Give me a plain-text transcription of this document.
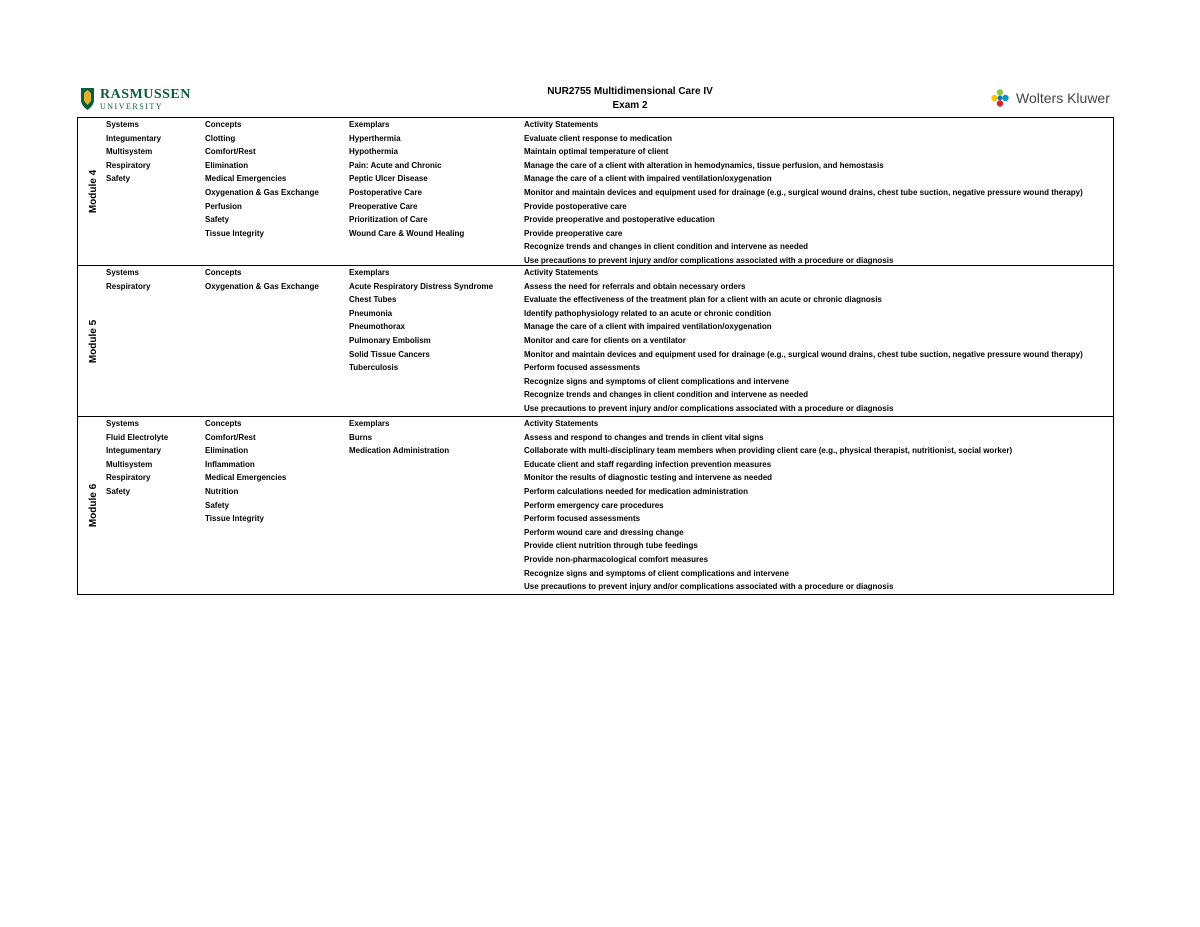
RASMUSSEN
UNIVERSITY
NUR2755 Multidimensional Care IV
Exam 2	Wolters Kluwer
Module 4
Systems
Integumentary
Multisystem
Respiratory
Safety
Concepts
Clotting
Comfort/Rest
Elimination
Medical Emergencies
Oxygenation & Gas Exchange
Perfusion
Safety
Tissue Integrity
Exemplars
Hyperthermia
Hypothermia
Pain: Acute and Chronic
Peptic Ulcer Disease
Postoperative Care
Preoperative Care
Prioritization of Care
Wound Care & Wound Healing
Activity Statements
Evaluate client response to medication
Maintain optimal temperature of client
Manage the care of a client with alteration in hemodynamics, tissue perfusion, and hemostasis
Manage the care of a client with impaired ventilation/oxygenation
Monitor and maintain devices and equipment used for drainage (e.g., surgical wound drains, chest tube suction, negative pressure wound therapy)
Provide postoperative care
Provide preoperative and postoperative education
Provide preoperative care
Recognize trends and changes in client condition and intervene as needed
Use precautions to prevent injury and/or complications associated with a procedure or diagnosis
Module 5
Systems
Respiratory
Concepts
Oxygenation & Gas Exchange
Exemplars
Acute Respiratory Distress Syndrome
Chest Tubes
Pneumonia
Pneumothorax
Pulmonary Embolism
Solid Tissue Cancers
Tuberculosis
Activity Statements
Assess the need for referrals and obtain necessary orders
Evaluate the effectiveness of the treatment plan for a client with an acute or chronic diagnosis
Identify pathophysiology related to an acute or chronic condition
Manage the care of a client with impaired ventilation/oxygenation
Monitor and care for clients on a ventilator
Monitor and maintain devices and equipment used for drainage (e.g., surgical wound drains, chest tube suction, negative pressure wound therapy)
Perform focused assessments
Recognize signs and symptoms of client complications and intervene
Recognize trends and changes in client condition and intervene as needed
Use precautions to prevent injury and/or complications associated with a procedure or diagnosis
Module 6
Systems
Fluid Electrolyte
Integumentary
Multisystem
Respiratory
Safety
Concepts
Comfort/Rest
Elimination
Inflammation
Medical Emergencies
Nutrition
Safety
Tissue Integrity
Exemplars
Burns
Medication Administration
Activity Statements
Assess and respond to changes and trends in client vital signs
Collaborate with multi-disciplinary team members when providing client care (e.g., physical therapist, nutritionist, social worker)
Educate client and staff regarding infection prevention measures
Monitor the results of diagnostic testing and intervene as needed
Perform calculations needed for medication administration
Perform emergency care procedures
Perform focused assessments
Perform wound care and dressing change
Provide client nutrition through tube feedings
Provide non-pharmacological comfort measures
Recognize signs and symptoms of client complications and intervene
Use precautions to prevent injury and/or complications associated with a procedure or diagnosis
